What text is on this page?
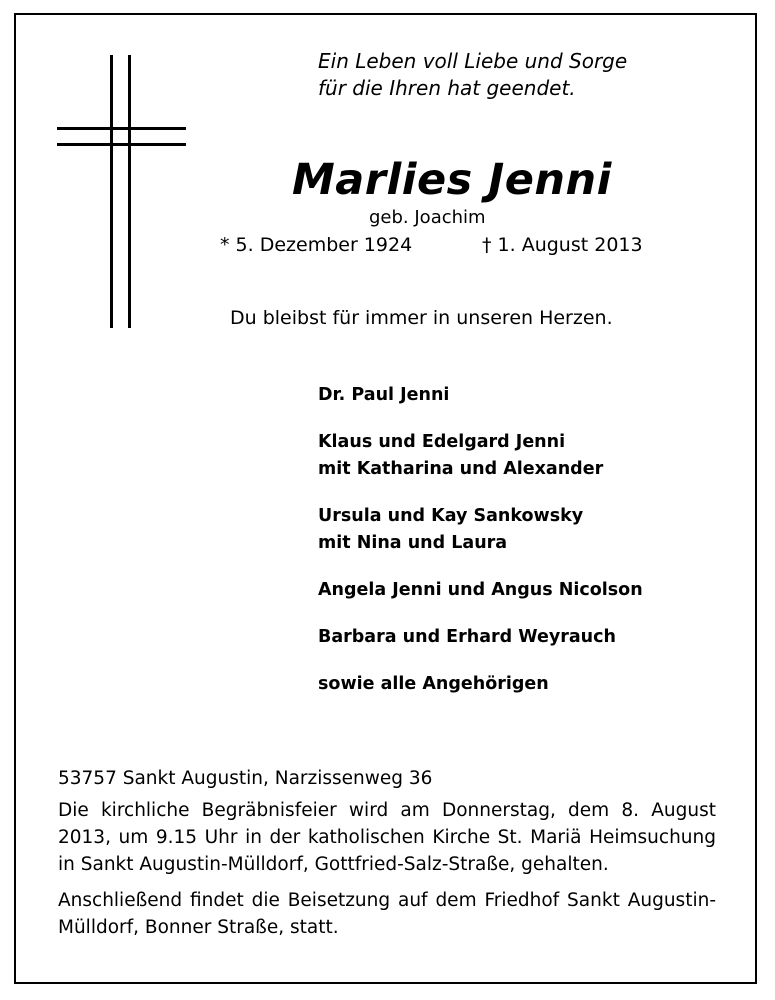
Ein Leben voll Liebe und Sorge
für die Ihren hat geendet.
Marlies Jenni
geb. Joachim
* 5. Dezember 1924	† 1. August 2013
Du bleibst für immer in unseren Herzen.
Dr. Paul Jenni
Klaus und Edelgard Jenni
mit Katharina und Alexander
Ursula und Kay Sankowsky
mit Nina und Laura
Angela Jenni und Angus Nicolson
Barbara und Erhard Weyrauch
sowie alle Angehörigen

53757 Sankt Augustin, Narzissenweg 36

Die kirchliche Begräbnisfeier wird am Donnerstag, dem 8. August 2013, um 9.15 Uhr in der katholischen Kirche St. Mariä Heimsuchung in Sankt Augustin-Mülldorf, Gottfried-Salz-Straße, gehalten.

Anschließend findet die Beisetzung auf dem Friedhof Sankt Augustin-Mülldorf, Bonner Straße, statt.
